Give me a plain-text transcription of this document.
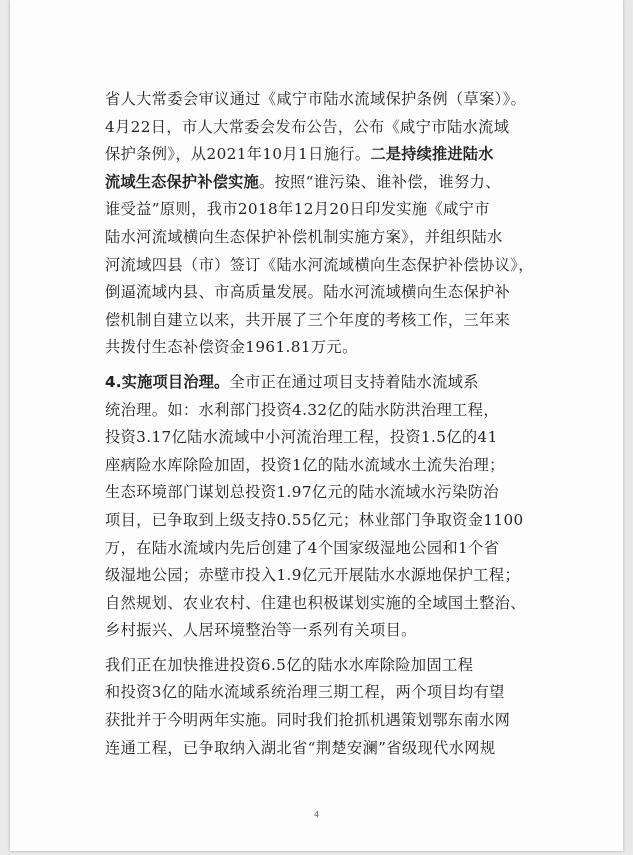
省人大常委会审议通过《咸宁市陆水流域保护条例（草案）》。
4月22日，市人大常委会发布公告，公布《咸宁市陆水流域
保护条例》，从2021年10月1日施行。二是持续推进陆水
流域生态保护补偿实施。按照“谁污染、谁补偿，谁努力、
谁受益”原则，我市2018年12月20日印发实施《咸宁市
陆水河流域横向生态保护补偿机制实施方案》，并组织陆水
河流域四县（市）签订《陆水河流域横向生态保护补偿协议》，
倒逼流域内县、市高质量发展。陆水河流域横向生态保护补
偿机制自建立以来，共开展了三个年度的考核工作，三年来
共拨付生态补偿资金1961.81万元。
4.实施项目治理。全市正在通过项目支持着陆水流域系
统治理。如：水利部门投资4.32亿的陆水防洪治理工程，
投资3.17亿陆水流域中小河流治理工程，投资1.5亿的41
座病险水库除险加固，投资1亿的陆水流域水土流失治理；
生态环境部门谋划总投资1.97亿元的陆水流域水污染防治
项目，已争取到上级支持0.55亿元；林业部门争取资金1100
万，在陆水流域内先后创建了4个国家级湿地公园和1个省
级湿地公园；赤壁市投入1.9亿元开展陆水水源地保护工程；
自然规划、农业农村、住建也积极谋划实施的全域国土整治、
乡村振兴、人居环境整治等一系列有关项目。
我们正在加快推进投资6.5亿的陆水水库除险加固工程
和投资3亿的陆水流域系统治理三期工程，两个项目均有望
获批并于今明两年实施。同时我们抢抓机遇策划鄂东南水网
连通工程，已争取纳入湖北省“荆楚安澜”省级现代水网规
4
